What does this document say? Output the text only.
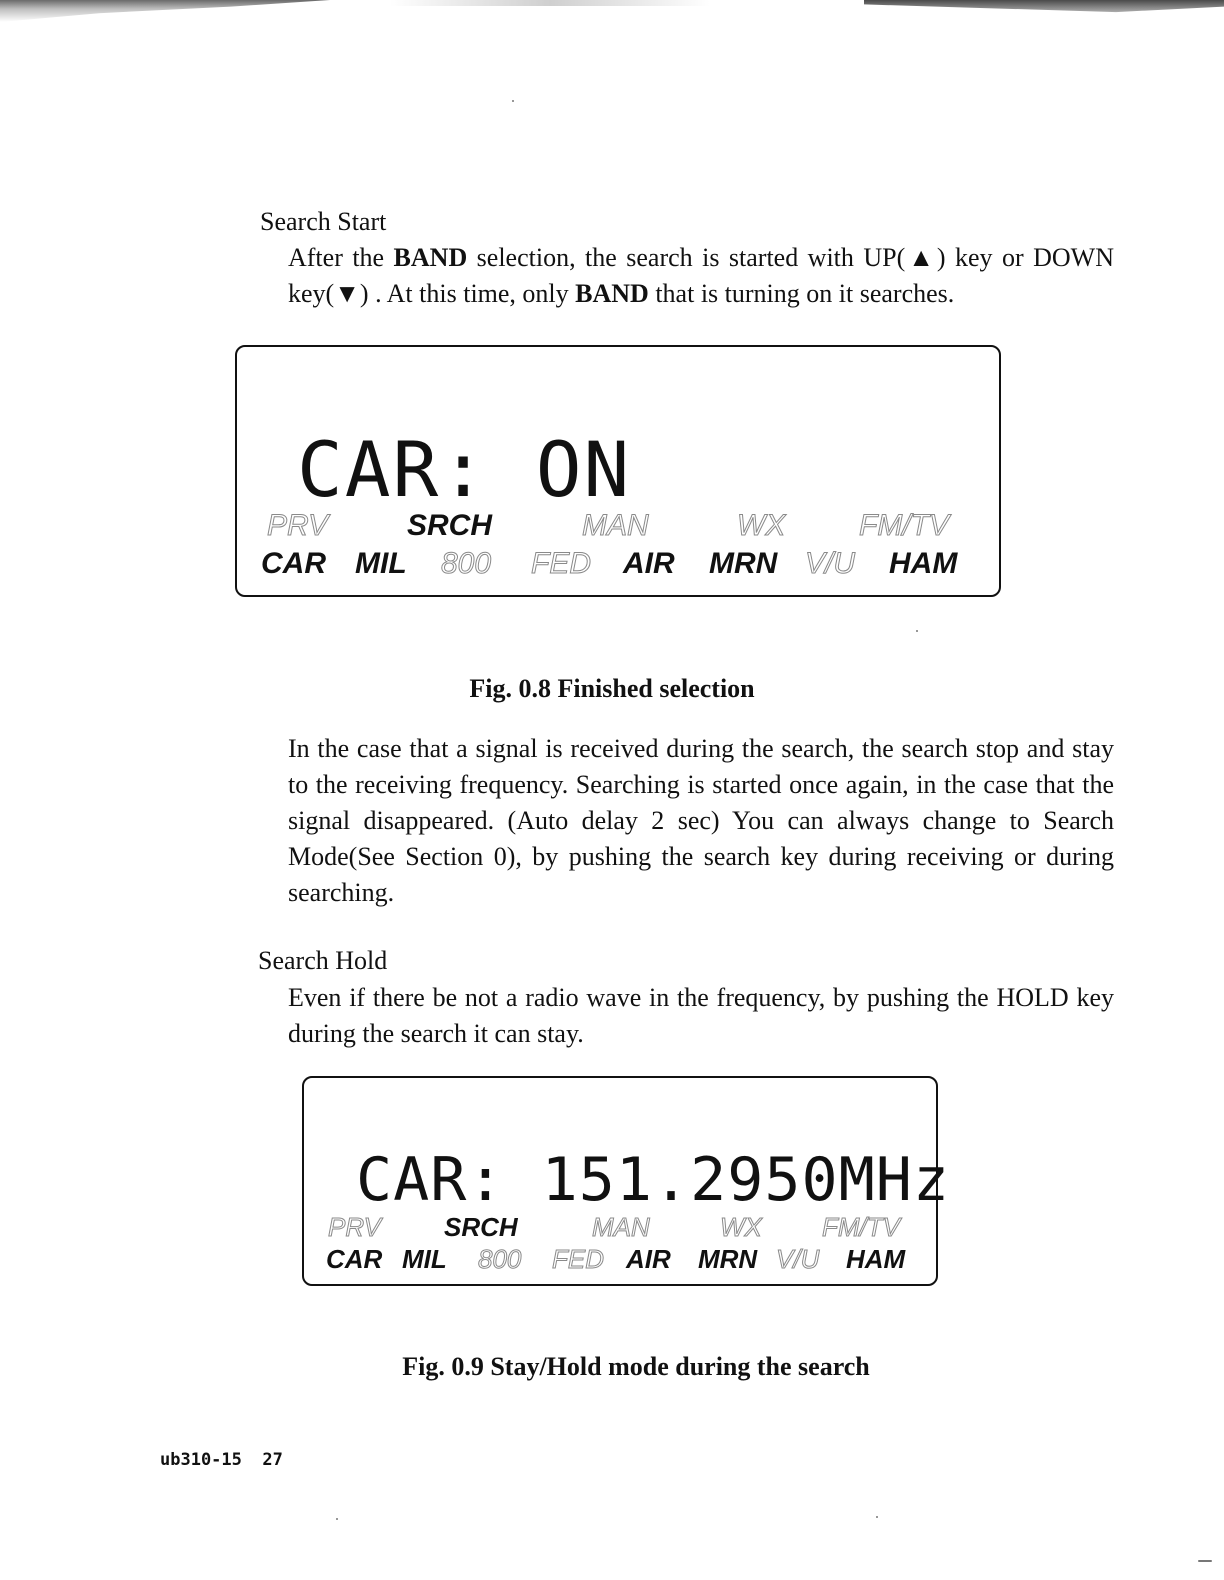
Search Start
After the BAND selection, the search is started with UP(▲) key or DOWN key(▼) . At this time, only BAND that is turning on it searches.
CAR: ON
PRV	SRCH	MAN	WX FM/TV
CAR MIL 800 FED AIR MRN V/U HAM
Fig. 0.8 Finished selection
In the case that a signal is received during the search, the search stop and stay to the receiving frequency. Searching is started once again, in the case that the signal disappeared. (Auto delay 2 sec) You can always change to Search Mode(See Section 0), by pushing the search key during receiving or during searching.
Search Hold
Even if there be not a radio wave in the frequency, by pushing the HOLD key during the search it can stay.
CAR: 151.2950MHz
PRV SRCH	MAN	WX FM/TV
CAR MIL 800 FED AIR MRN V/U HAM
Fig. 0.9 Stay/Hold mode during the search
ub310-15 27
